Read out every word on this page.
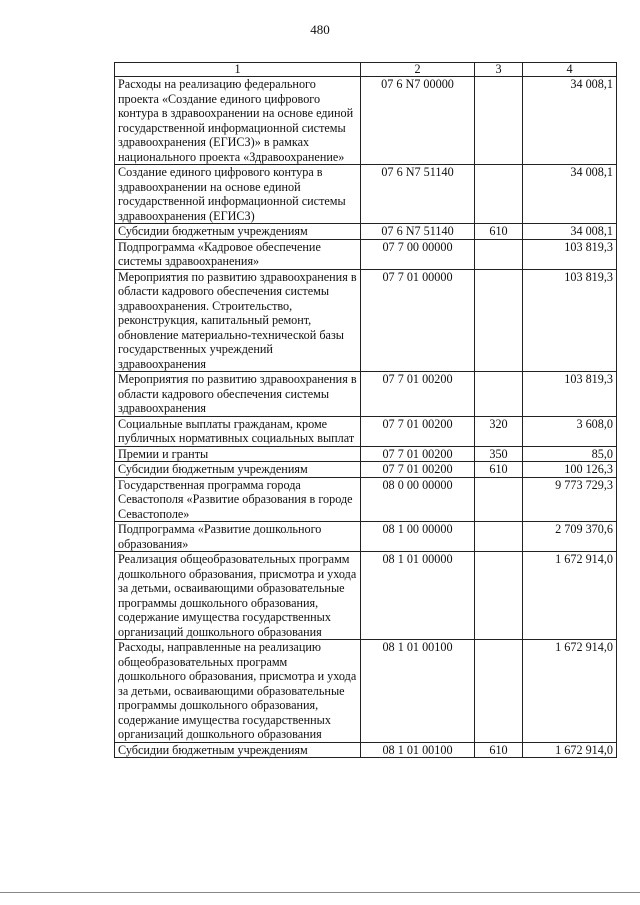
480
1	2	3	4
Расходы на реализацию федерального проекта «Создание единого цифрового контура в здравоохранении на основе единой государственной информационной системы здравоохранения (ЕГИСЗ)» в рамках национального проекта «Здравоохранение»	07 6 N7 00000		34 008,1
Создание единого цифрового контура в здравоохранении на основе единой государственной информационной системы здравоохранения (ЕГИСЗ)	07 6 N7 51140		34 008,1
Субсидии бюджетным учреждениям	07 6 N7 51140	610	34 008,1
Подпрограмма «Кадровое обеспечение системы здравоохранения»	07 7 00 00000		103 819,3
Мероприятия по развитию здравоохранения в области кадрового обеспечения системы здравоохранения. Строительство, реконструкция, капитальный ремонт, обновление материально-технической базы государственных учреждений здравоохранения	07 7 01 00000		103 819,3
Мероприятия по развитию здравоохранения в области кадрового обеспечения системы здравоохранения	07 7 01 00200		103 819,3
Социальные выплаты гражданам, кроме публичных нормативных социальных выплат	07 7 01 00200	320	3 608,0
Премии и гранты	07 7 01 00200	350	85,0
Субсидии бюджетным учреждениям	07 7 01 00200	610	100 126,3
Государственная программа города Севастополя «Развитие образования в городе Севастополе»	08 0 00 00000		9 773 729,3
Подпрограмма «Развитие дошкольного образования»	08 1 00 00000		2 709 370,6
Реализация общеобразовательных программ дошкольного образования, присмотра и ухода за детьми, осваивающими образовательные программы дошкольного образования, содержание имущества государственных организаций дошкольного образования	08 1 01 00000		1 672 914,0
Расходы, направленные на реализацию общеобразовательных программ дошкольного образования, присмотра и ухода за детьми, осваивающими образовательные программы дошкольного образования, содержание имущества государственных организаций дошкольного образования	08 1 01 00100		1 672 914,0
Субсидии бюджетным учреждениям	08 1 01 00100	610	1 672 914,0
